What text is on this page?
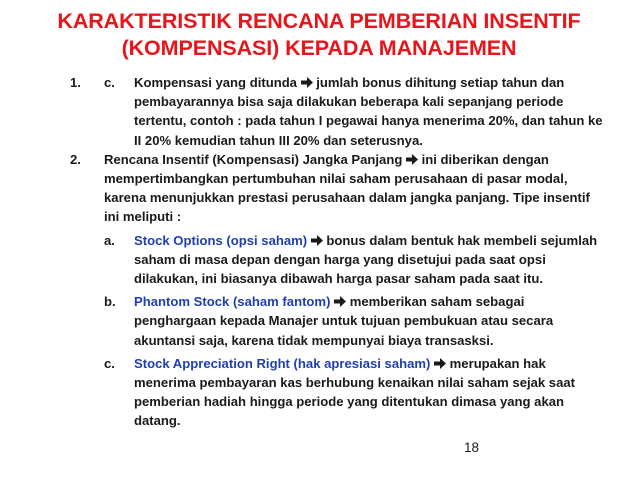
KARAKTERISTIK RENCANA PEMBERIAN INSENTIF
(KOMPENSASI) KEPADA MANAJEMEN
1. c. Kompensasi yang ditunda  jumlah bonus dihitung setiap tahun dan pembayarannya bisa saja dilakukan beberapa kali sepanjang periode tertentu, contoh : pada tahun I pegawai hanya menerima 20%, dan tahun ke II 20% kemudian tahun III 20% dan seterusnya.
2. Rencana Insentif (Kompensasi) Jangka Panjang  ini diberikan dengan mempertimbangkan pertumbuhan nilai saham perusahaan di pasar modal, karena menunjukkan prestasi perusahaan dalam jangka panjang. Tipe insentif ini meliputi :
a. Stock Options (opsi saham)  bonus dalam bentuk hak membeli sejumlah saham di masa depan dengan harga yang disetujui pada saat opsi dilakukan, ini biasanya dibawah harga pasar saham pada saat itu.
b. Phantom Stock (saham fantom)  memberikan saham sebagai penghargaan kepada Manajer untuk tujuan pembukuan atau secara akuntansi saja, karena tidak mempunyai biaya transasksi.
c. Stock Appreciation Right (hak apresiasi saham)  merupakan hak menerima pembayaran kas berhubung kenaikan nilai saham sejak saat pemberian hadiah hingga periode yang ditentukan dimasa yang akan datang.
18
